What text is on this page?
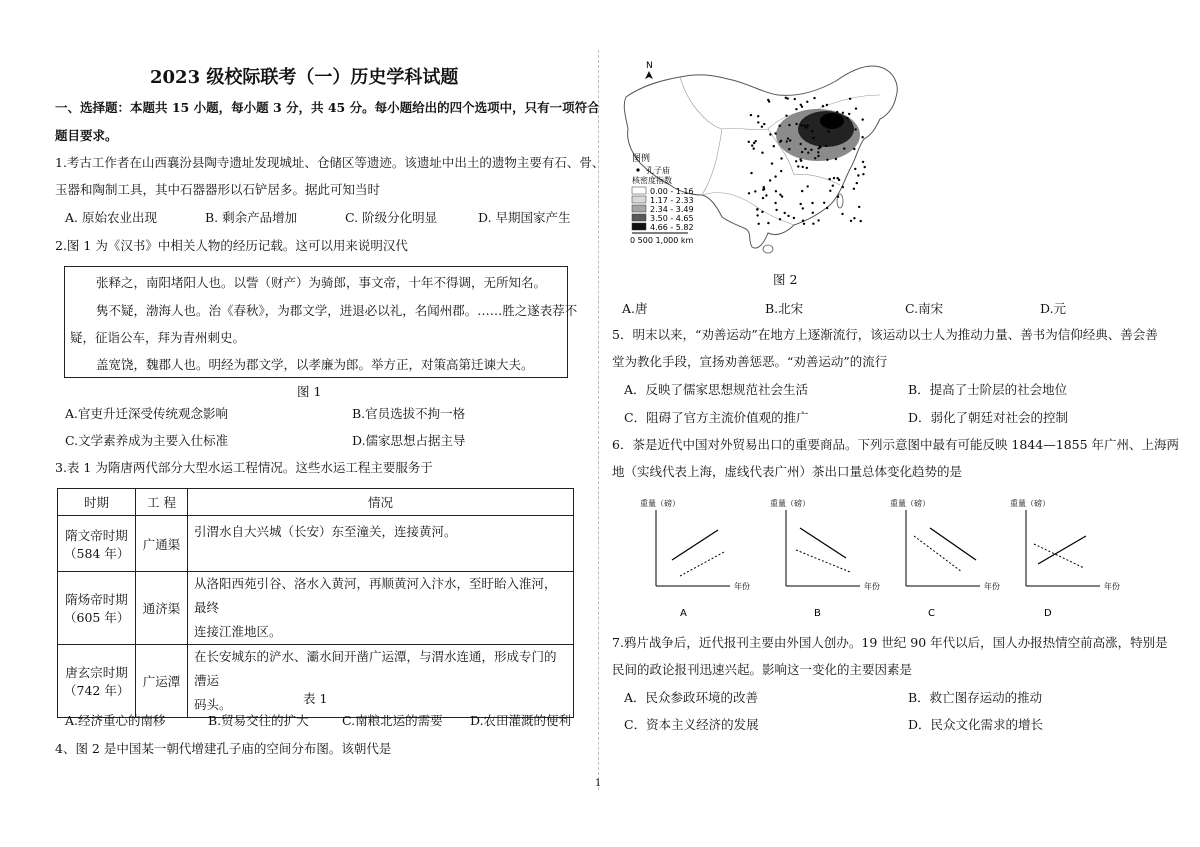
2023 级校际联考（一）历史学科试题
一、选择题：本题共 15 小题，每小题 3 分，共 45 分。每小题给出的四个选项中，只有一项符合
题目要求。
1.考古工作者在山西襄汾县陶寺遗址发现城址、仓储区等遗迹。该遗址中出土的遗物主要有石、骨、
玉器和陶制工具，其中石器器形以石铲居多。据此可知当时
A. 原始农业出现	B. 剩余产品增加	C. 阶级分化明显	D. 早期国家产生
2.图 1 为《汉书》中相关人物的经历记载。这可以用来说明汉代
张释之，南阳堵阳人也。以訾（财产）为骑郎，事文帝，十年不得调，无所知名。
隽不疑，渤海人也。治《春秋》，为郡文学，进退必以礼，名闻州郡。……胜之遂表荐不
疑，征诣公车，拜为青州刺史。
盖宽饶，魏郡人也。明经为郡文学，以孝廉为郎。举方正，对策高第迁谏大夫。
图 1
A.官吏升迁深受传统观念影响	B.官员选拔不拘一格
C.文学素养成为主要入仕标准	D.儒家思想占据主导
3.表 1 为隋唐两代部分大型水运工程情况。这些水运工程主要服务于
时期	工 程	情况
隋文帝时期
（584 年）	广通渠	引渭水自大兴城（长安）东至潼关，连接黄河。
隋炀帝时期
（605 年）	通济渠	从洛阳西苑引谷、洛水入黄河，再顺黄河入汴水，至盱眙入淮河，最终
连接江淮地区。
唐玄宗时期
（742 年）	广运潭	在长安城东的浐水、灞水间开凿广运潭，与渭水连通，形成专门的漕运
码头。	表 1
A.经济重心的南移	B.贸易交往的扩大	C.南粮北运的需要 D.农田灌溉的便利
4、图 2 是中国某一朝代增建孔子庙的空间分布图。该朝代是
1
N
图例
孔子庙
核密度指数
0.00 - 1.16
1.17 - 2.33
2.34 - 3.49
3.50 - 4.65
4.66 - 5.82
0 500 1,000 km
图 2
A.唐	B.北宋	C.南宋	D.元
5．明末以来，“劝善运动”在地方上逐渐流行，该运动以士人为推动力量、善书为信仰经典、善会善
堂为教化手段，宣扬劝善惩恶。“劝善运动”的流行
A．反映了儒家思想规范社会生活	B．提高了士阶层的社会地位
C．阻碍了官方主流价值观的推广	D．弱化了朝廷对社会的控制
6．茶是近代中国对外贸易出口的重要商品。下列示意图中最有可能反映 1844—1855 年广州、上海两
地（实线代表上海，虚线代表广州）茶出口量总体变化趋势的是
重量（磅）
年份
A
重量（磅）
年份
B
重量（磅）
年份
C
重量（磅）
年份
D
7.鸦片战争后，近代报刊主要由外国人创办。19 世纪 90 年代以后，国人办报热情空前高涨，特别是
民间的政论报刊迅速兴起。影响这一变化的主要因素是
A．民众参政环境的改善	B．救亡图存运动的推动
C．资本主义经济的发展	D．民众文化需求的增长
